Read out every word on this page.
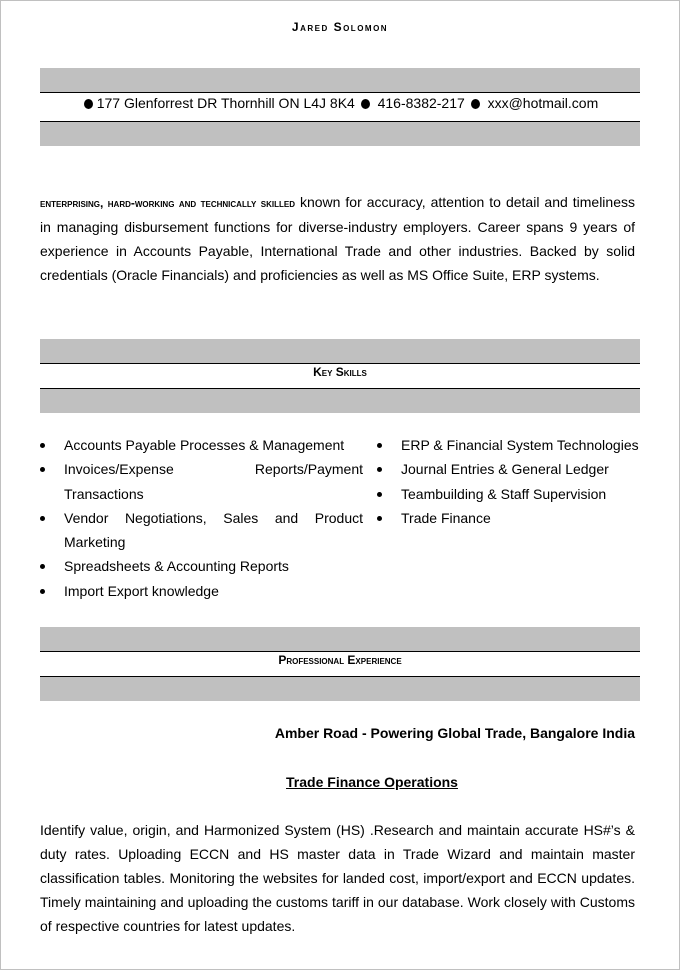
Jared Solomon
177 Glenforrest DR Thornhill ON L4J 8K4 416-8382-217 xxx@hotmail.com
enterprising, hard-working and technically skilled known for accuracy, attention to detail and timeliness in managing disbursement functions for diverse-industry employers. Career spans 9 years of experience in Accounts Payable, International Trade and other industries. Backed by solid credentials (Oracle Financials) and proficiencies as well as MS Office Suite, ERP systems.
Key Skills
Accounts Payable Processes & Management
Invoices/Expense Reports/Payment Transactions
Vendor Negotiations, Sales and Product Marketing
Spreadsheets & Accounting Reports
Import Export knowledge
ERP & Financial System Technologies
Journal Entries & General Ledger
Teambuilding & Staff Supervision
Trade Finance
Professional Experience
Amber Road - Powering Global Trade, Bangalore India
Trade Finance Operations
Identify value, origin, and Harmonized System (HS) .Research and maintain accurate HS#’s & duty rates. Uploading ECCN and HS master data in Trade Wizard and maintain master classification tables. Monitoring the websites for landed cost, import/export and ECCN updates. Timely maintaining and uploading the customs tariff in our database. Work closely with Customs of respective countries for latest updates.
